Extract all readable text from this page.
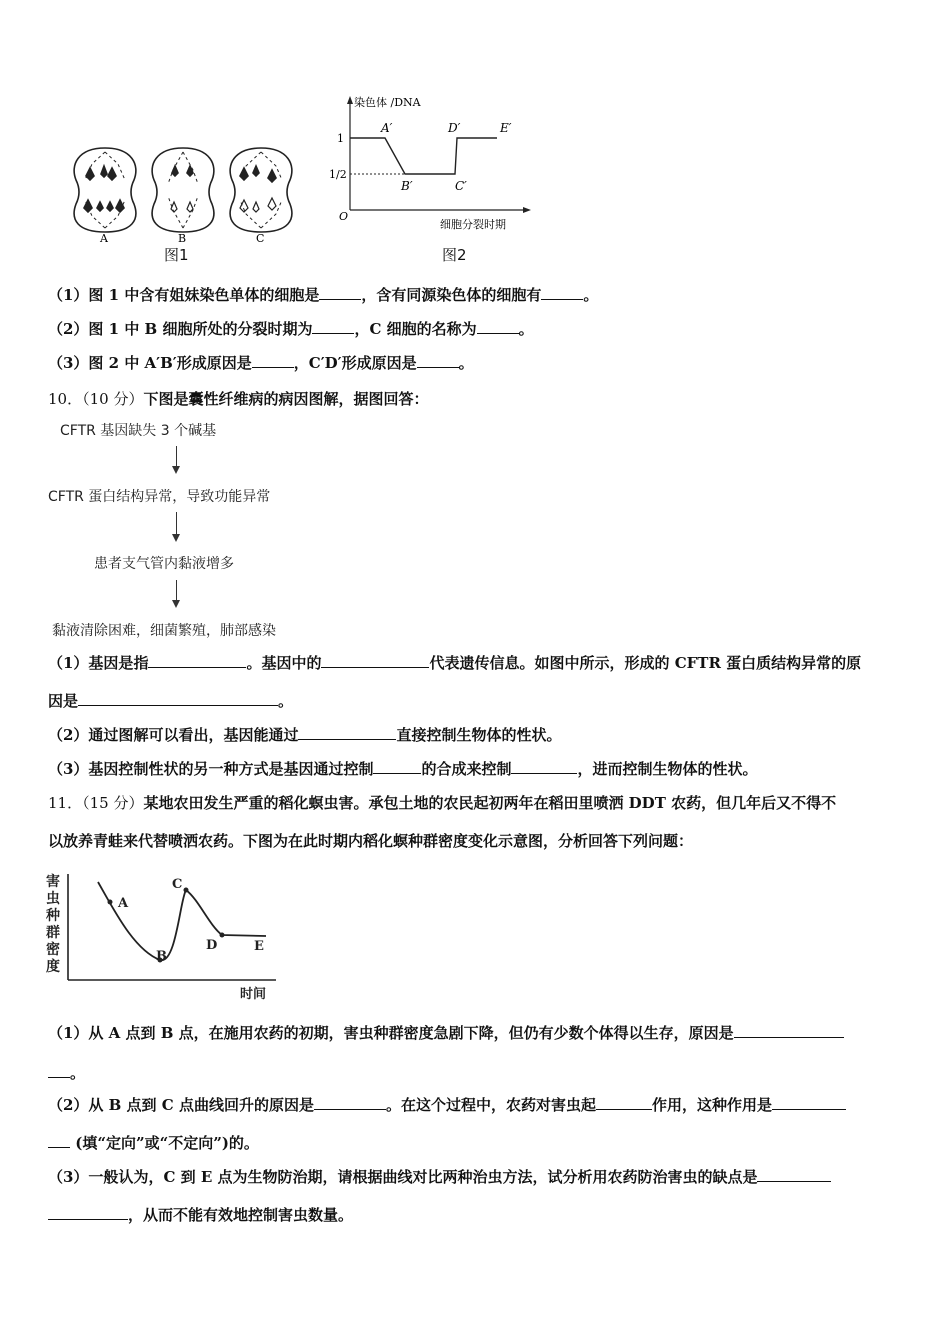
A	B	C
图1
染色体 /DNA
1
1/2
O
A′
B′	C′
D′	E′
细胞分裂时期
图2
（1）图 1 中含有姐妹染色单体的细胞是	，含有同源染色体的细胞有	。
（2）图 1 中 B 细胞所处的分裂时期为	，C 细胞的名称为	。
（3）图 2 中 A′B′形成原因是	，C′D′形成原因是	。
10．（10 分）下图是囊性纤维病的病因图解，据图回答：
CFTR 基因缺失 3 个碱基
CFTR 蛋白结构异常，导致功能异常
患者支气管内黏液增多
黏液清除困难，细菌繁殖，肺部感染
（1）基因是指	。基因中的	代表遗传信息。如图中所示，形成的 CFTR 蛋白质结构异常的原
因是	。
（2）通过图解可以看出，基因能通过	直接控制生物体的性状。
（3）基因控制性状的另一种方式是基因通过控制	的合成来控制	，进而控制生物体的性状。
11．（15 分）某地农田发生严重的稻化螟虫害。承包土地的农民起初两年在稻田里喷洒 DDT 农药，但几年后又不得不
以放养青蛙来代替喷洒农药。下图为在此时期内稻化螟种群密度变化示意图，分析回答下列问题：
害
虫
种
群
密
度
A
B
C
D	E
时间
（1）从 A 点到 B 点，在施用农药的初期，害虫种群密度急剧下降，但仍有少数个体得以生存，原因是
。
（2）从 B 点到 C 点曲线回升的原因是	。在这个过程中，农药对害虫起	作用，这种作用是
(填“定向”或“不定向”)的。
（3）一般认为，C 到 E 点为生物防治期，请根据曲线对比两种治虫方法，试分析用农药防治害虫的缺点是
，从而不能有效地控制害虫数量。
